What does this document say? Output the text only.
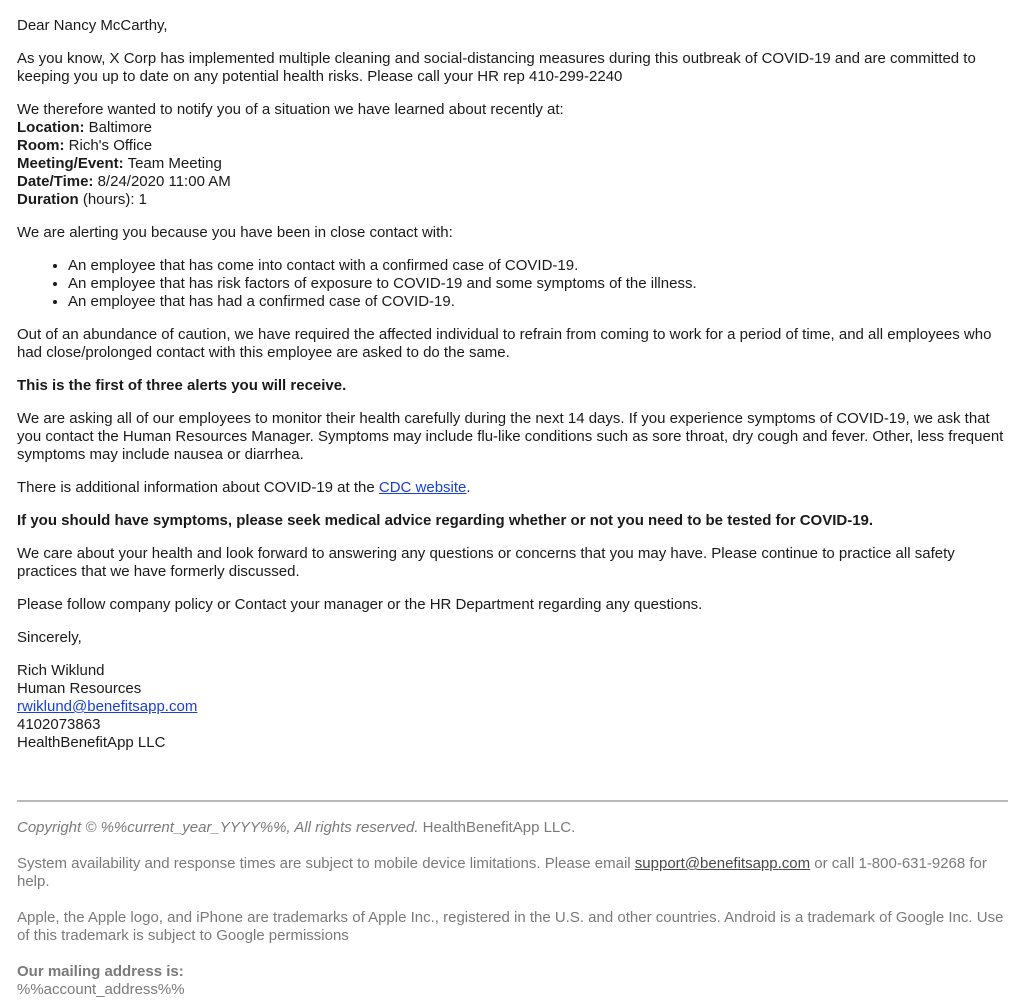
Dear Nancy McCarthy,

As you know, X Corp has implemented multiple cleaning and social-distancing measures during this outbreak of COVID-19 and are committed to keeping you up to date on any potential health risks. Please call your HR rep 410-299-2240

We therefore wanted to notify you of a situation we have learned about recently at:
Location: Baltimore
Room: Rich's Office
Meeting/Event: Team Meeting
Date/Time: 8/24/2020 11:00 AM
Duration (hours): 1

We are alerting you because you have been in close contact with:

• An employee that has come into contact with a confirmed case of COVID-19.
• An employee that has risk factors of exposure to COVID-19 and some symptoms of the illness.
• An employee that has had a confirmed case of COVID-19.

Out of an abundance of caution, we have required the affected individual to refrain from coming to work for a period of time, and all employees who had close/prolonged contact with this employee are asked to do the same.

This is the first of three alerts you will receive.

We are asking all of our employees to monitor their health carefully during the next 14 days. If you experience symptoms of COVID-19, we ask that you contact the Human Resources Manager. Symptoms may include flu-like conditions such as sore throat, dry cough and fever. Other, less frequent symptoms may include nausea or diarrhea.

There is additional information about COVID-19 at the CDC website.

If you should have symptoms, please seek medical advice regarding whether or not you need to be tested for COVID-19.

We care about your health and look forward to answering any questions or concerns that you may have. Please continue to practice all safety practices that we have formerly discussed.

Please follow company policy or Contact your manager or the HR Department regarding any questions.

Sincerely,

Rich Wiklund
Human Resources
rwiklund@benefitsapp.com
4102073863
HealthBenefitApp LLC

Copyright © %%current_year_YYYY%%, All rights reserved. HealthBenefitApp LLC.

System availability and response times are subject to mobile device limitations. Please email support@benefitsapp.com or call 1-800-631-9268 for help.

Apple, the Apple logo, and iPhone are trademarks of Apple Inc., registered in the U.S. and other countries. Android is a trademark of Google Inc. Use of this trademark is subject to Google permissions

Our mailing address is:
%%account_address%%
